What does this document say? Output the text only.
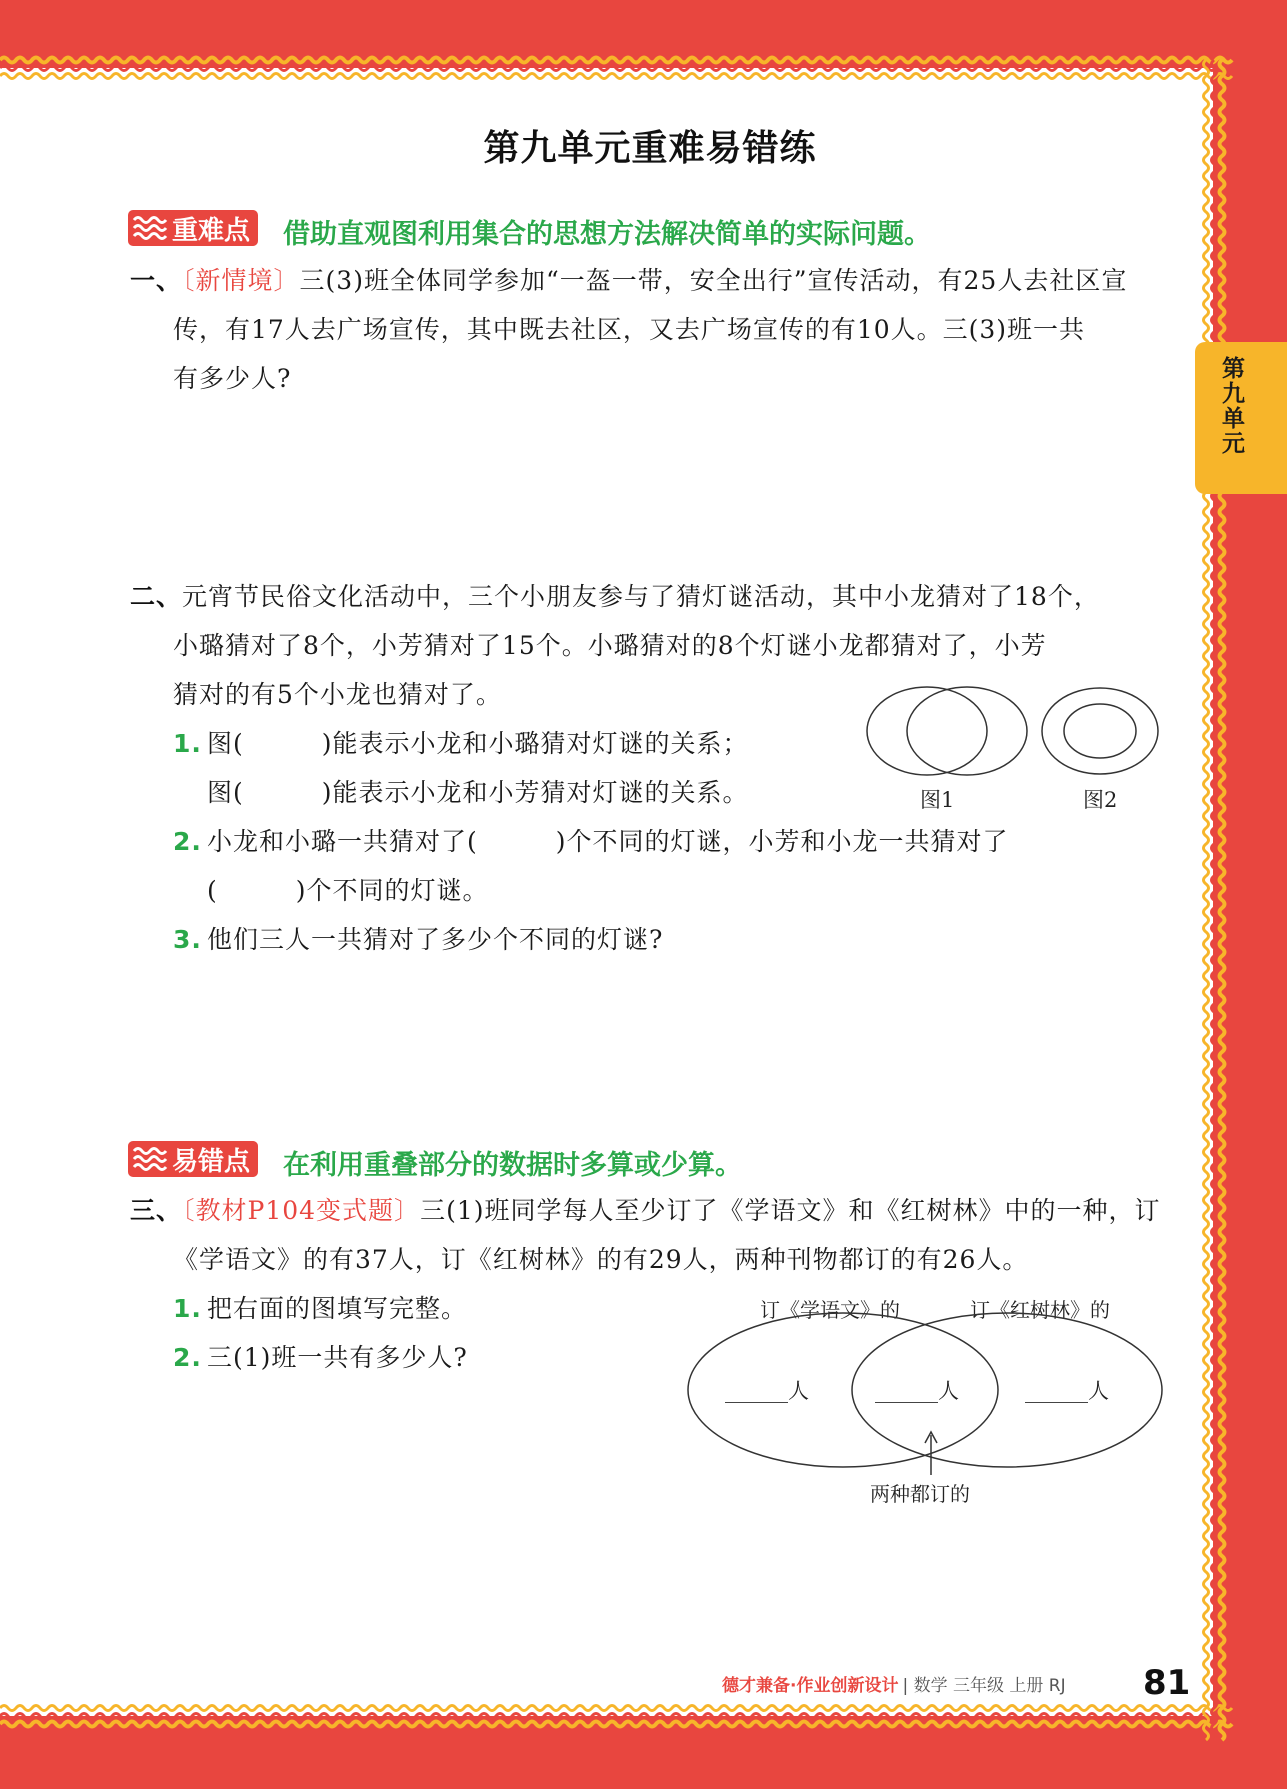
第九单元
第九单元重难易错练
重难点 借助直观图利用集合的思想方法解决简单的实际问题。
一、〔新情境〕三(3)班全体同学参加“一盔一带，安全出行”宣传活动，有25人去社区宣
传，有17人去广场宣传，其中既去社区，又去广场宣传的有10人。三(3)班一共
有多少人?
二、元宵节民俗文化活动中，三个小朋友参与了猜灯谜活动，其中小龙猜对了18个，
小璐猜对了8个，小芳猜对了15个。小璐猜对的8个灯谜小龙都猜对了，小芳
猜对的有5个小龙也猜对了。
1. 图(　　　)能表示小龙和小璐猜对灯谜的关系；
图(　　　)能表示小龙和小芳猜对灯谜的关系。
2. 小龙和小璐一共猜对了(　　　)个不同的灯谜，小芳和小龙一共猜对了
(　　　)个不同的灯谜。
3. 他们三人一共猜对了多少个不同的灯谜?
图1	图2
易错点 在利用重叠部分的数据时多算或少算。
三、〔教材P104变式题〕三(1)班同学每人至少订了《学语文》和《红树林》中的一种，订
《学语文》的有37人，订《红树林》的有29人，两种刊物都订的有26人。
1. 把右面的图填写完整。
2. 三(1)班一共有多少人?
订《学语文》的	订《红树林》的
______人	______人	______人
两种都订的
德才兼备·作业创新设计 | 数学 三年级 上册 RJ 81
